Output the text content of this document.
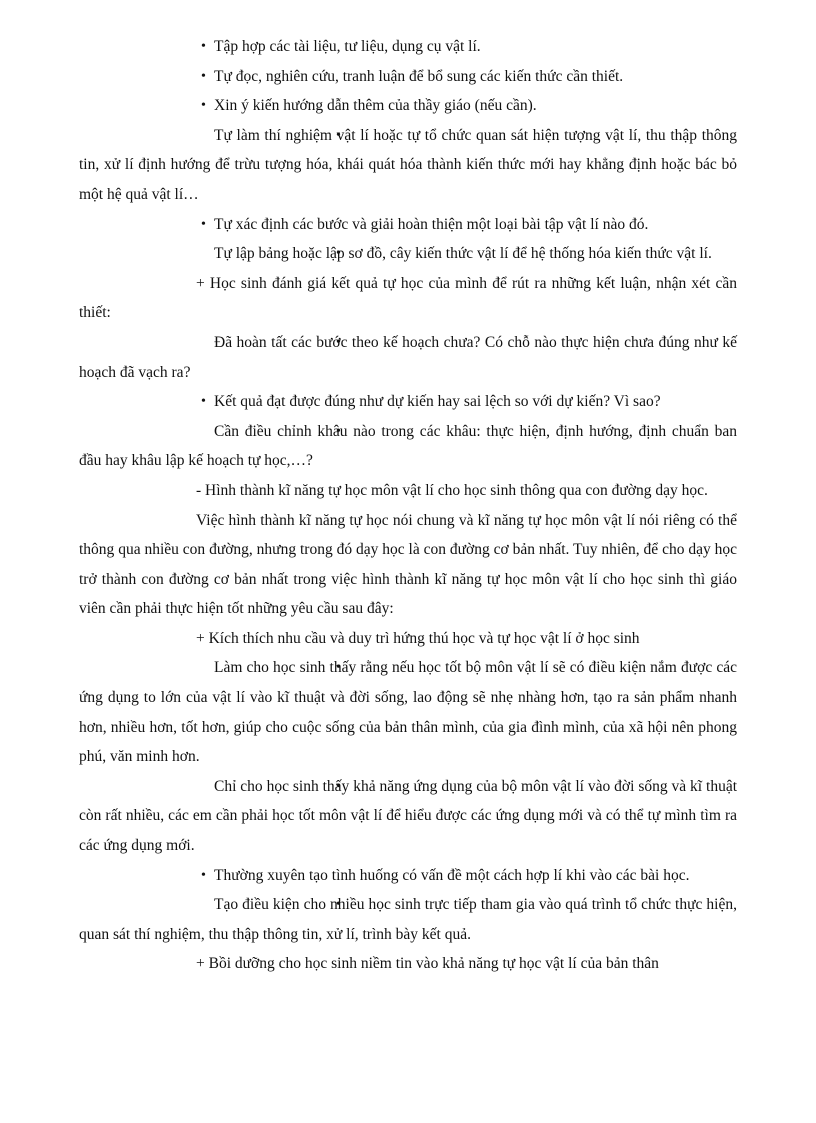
• Tập hợp các tài liệu, tư liệu, dụng cụ vật lí.

• Tự đọc, nghiên cứu, tranh luận để bổ sung các kiến thức cần thiết.

• Xin ý kiến hướng dẫn thêm của thầy giáo (nếu cần).

• Tự làm thí nghiệm vật lí hoặc tự tổ chức quan sát hiện tượng vật lí, thu thập thông tin, xử lí định hướng để trừu tượng hóa, khái quát hóa thành kiến thức mới hay khẳng định hoặc bác bỏ một hệ quả vật lí…

• Tự xác định các bước và giải hoàn thiện một loại bài tập vật lí nào đó.

• Tự lập bảng hoặc lập sơ đồ, cây kiến thức vật lí để hệ thống hóa kiến thức vật lí.

+ Học sinh đánh giá kết quả tự học của mình để rút ra những kết luận, nhận xét cần thiết:

• Đã hoàn tất các bước theo kế hoạch chưa? Có chỗ nào thực hiện chưa đúng như kế hoạch đã vạch ra?

• Kết quả đạt được đúng như dự kiến hay sai lệch so với dự kiến? Vì sao?

• Cần điều chỉnh khâu nào trong các khâu: thực hiện, định hướng, định chuẩn ban đầu hay khâu lập kế hoạch tự học,…?

- Hình thành kĩ năng tự học môn vật lí cho học sinh thông qua con đường dạy học.

Việc hình thành kĩ năng tự học nói chung và kĩ năng tự học môn vật lí nói riêng có thể thông qua nhiều con đường, nhưng trong đó dạy học là con đường cơ bản nhất. Tuy nhiên, để cho dạy học trở thành con đường cơ bản nhất trong việc hình thành kĩ năng tự học môn vật lí cho học sinh thì giáo viên cần phải thực hiện tốt những yêu cầu sau đây:

+ Kích thích nhu cầu và duy trì hứng thú học và tự học vật lí ở học sinh

• Làm cho học sinh thấy rằng nếu học tốt bộ môn vật lí sẽ có điều kiện nắm được các ứng dụng to lớn của vật lí vào kĩ thuật và đời sống, lao động sẽ nhẹ nhàng hơn, tạo ra sản phẩm nhanh hơn, nhiều hơn, tốt hơn, giúp cho cuộc sống của bản thân mình, của gia đình mình, của xã hội nên phong phú, văn minh hơn.

• Chỉ cho học sinh thấy khả năng ứng dụng của bộ môn vật lí vào đời sống và kĩ thuật còn rất nhiều, các em cần phải học tốt môn vật lí để hiểu được các ứng dụng mới và có thể tự mình tìm ra các ứng dụng mới.

• Thường xuyên tạo tình huống có vấn đề một cách hợp lí khi vào các bài học.

• Tạo điều kiện cho nhiều học sinh trực tiếp tham gia vào quá trình tổ chức thực hiện, quan sát thí nghiệm, thu thập thông tin, xử lí, trình bày kết quả.

+ Bồi dưỡng cho học sinh niềm tin vào khả năng tự học vật lí của bản thân
